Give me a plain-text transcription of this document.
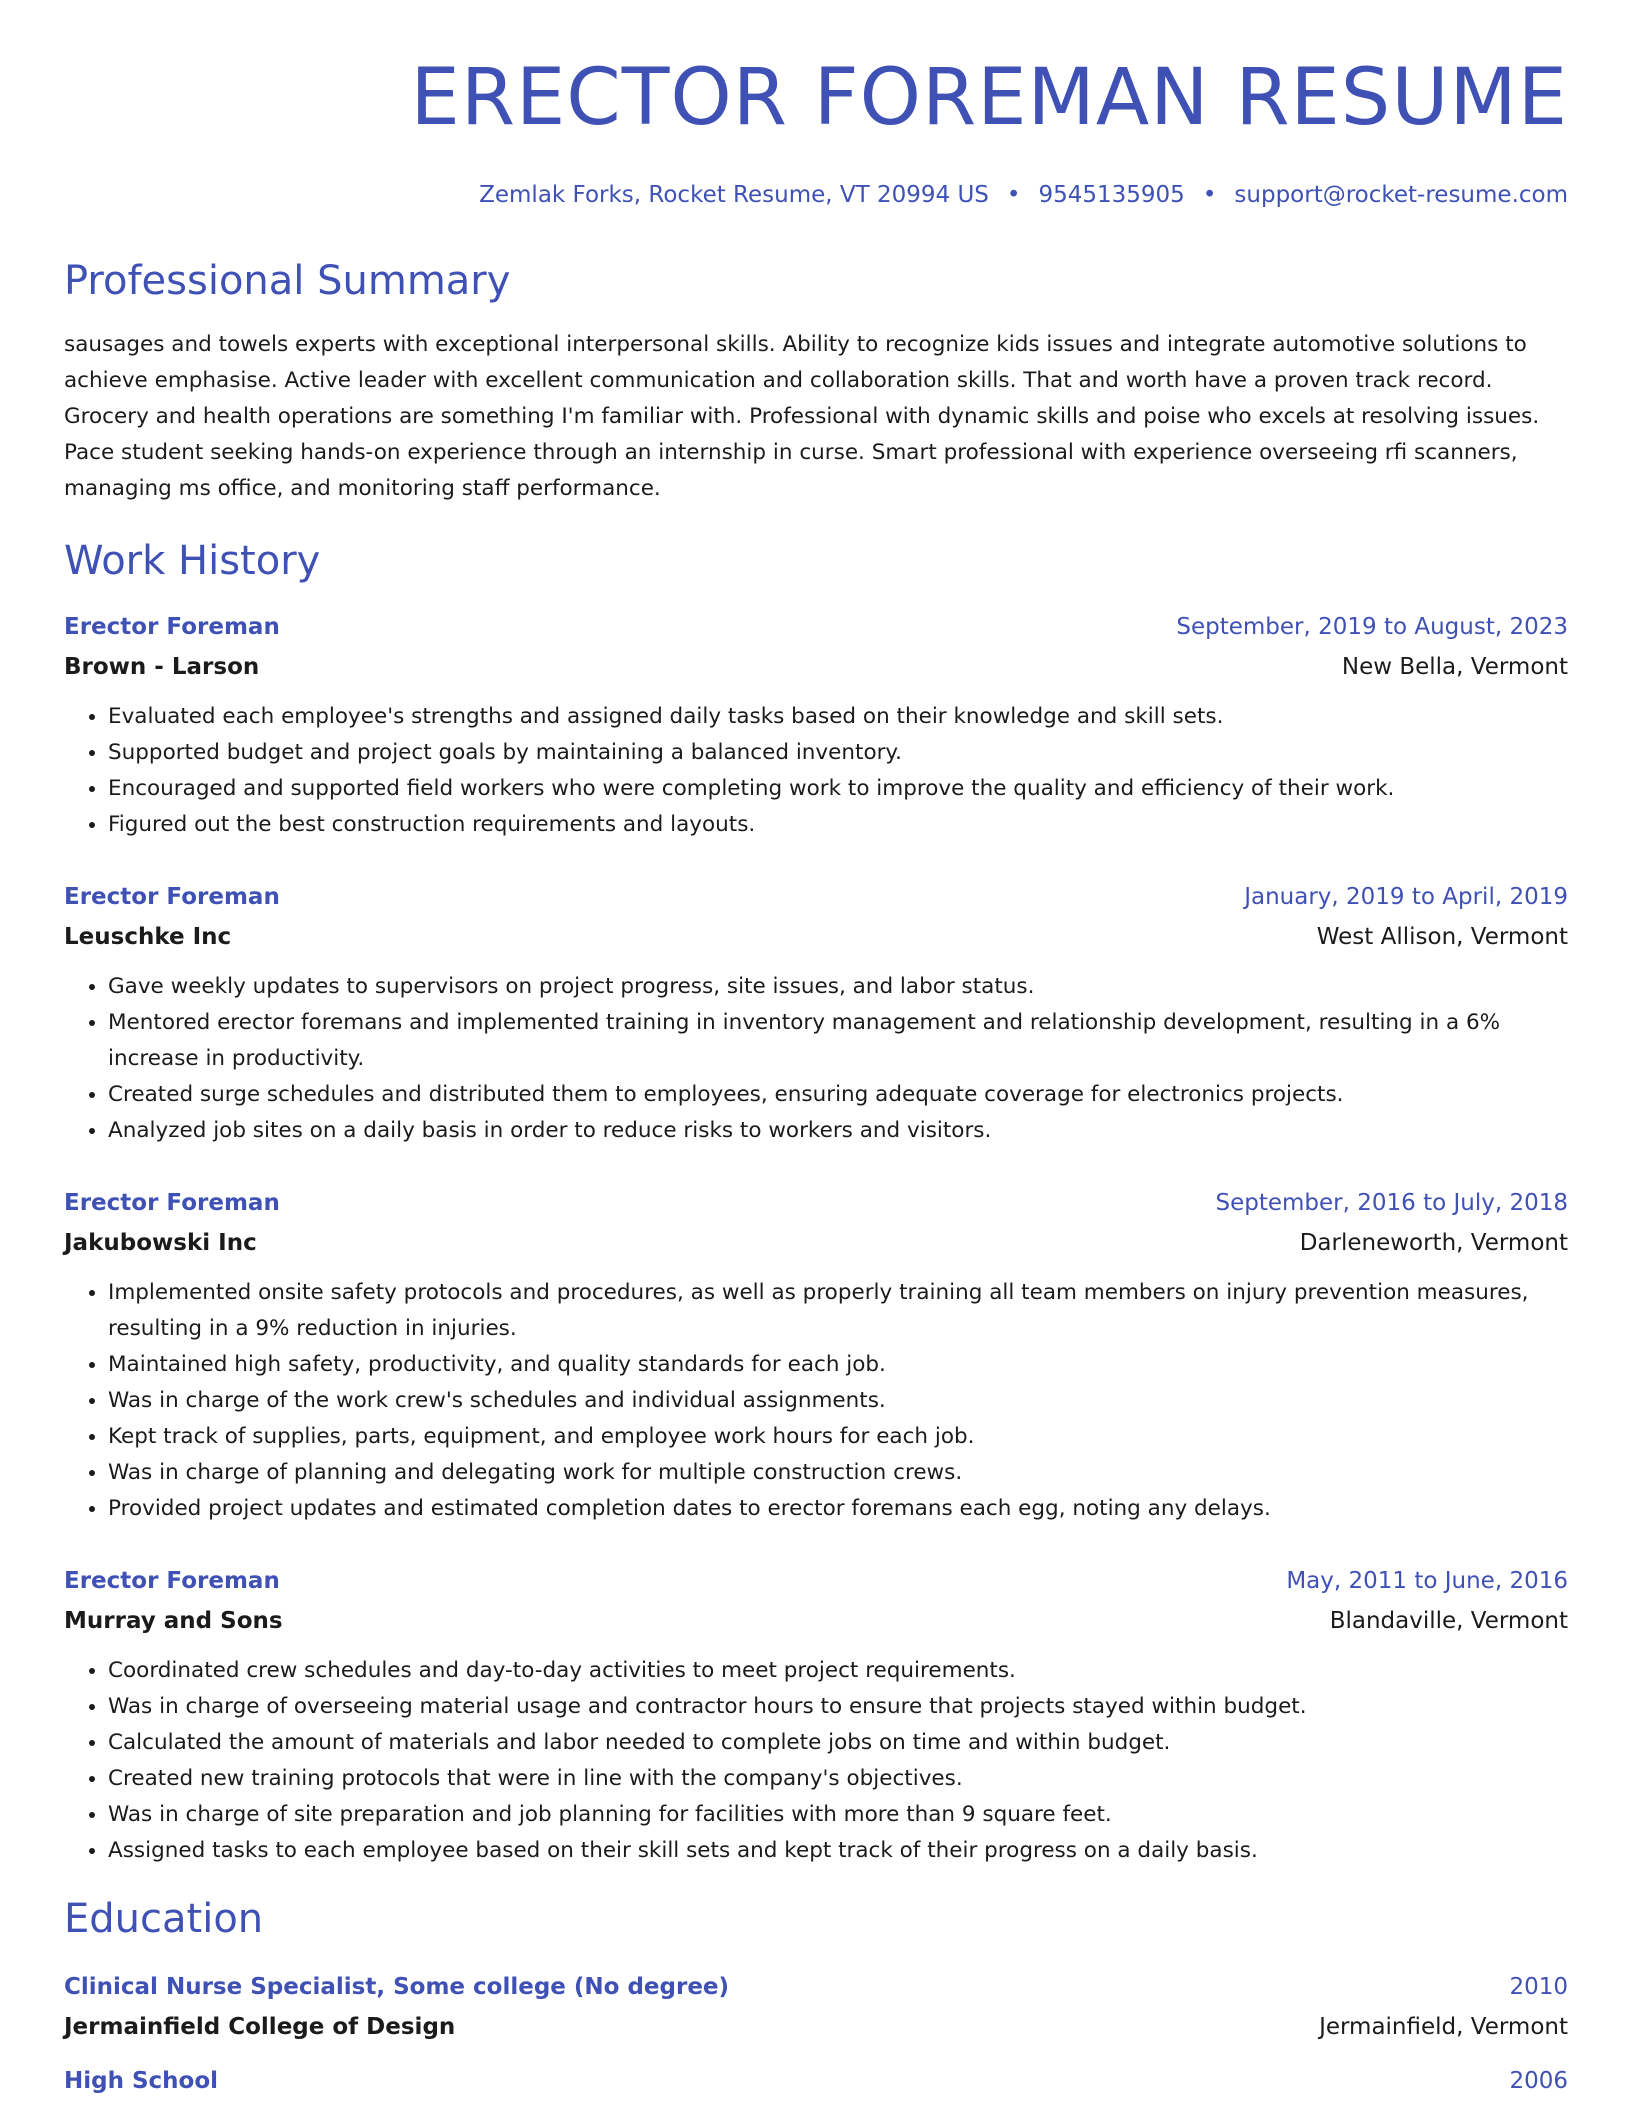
ERECTOR FOREMAN RESUME
Zemlak Forks, Rocket Resume, VT 20994 US • 9545135905 • support@rocket-resume.com
Professional Summary

sausages and towels experts with exceptional interpersonal skills. Ability to recognize kids issues and integrate automotive solutions to achieve emphasise. Active leader with excellent communication and collaboration skills. That and worth have a proven track record. Grocery and health operations are something I'm familiar with. Professional with dynamic skills and poise who excels at resolving issues. Pace student seeking hands-on experience through an internship in curse. Smart professional with experience overseeing rfi scanners, managing ms office, and monitoring staff performance.

Work History
Erector Foreman	September, 2019 to August, 2023
Brown - Larson	New Bella, Vermont
• Evaluated each employee's strengths and assigned daily tasks based on their knowledge and skill sets.
• Supported budget and project goals by maintaining a balanced inventory.
• Encouraged and supported field workers who were completing work to improve the quality and efficiency of their work.
• Figured out the best construction requirements and layouts.
Erector Foreman	January, 2019 to April, 2019
Leuschke Inc	West Allison, Vermont
• Gave weekly updates to supervisors on project progress, site issues, and labor status.
• Mentored erector foremans and implemented training in inventory management and relationship development, resulting in a 6% increase in productivity.
• Created surge schedules and distributed them to employees, ensuring adequate coverage for electronics projects.
• Analyzed job sites on a daily basis in order to reduce risks to workers and visitors.
Erector Foreman	September, 2016 to July, 2018
Jakubowski Inc	Darleneworth, Vermont
• Implemented onsite safety protocols and procedures, as well as properly training all team members on injury prevention measures, resulting in a 9% reduction in injuries.
• Maintained high safety, productivity, and quality standards for each job.
• Was in charge of the work crew's schedules and individual assignments.
• Kept track of supplies, parts, equipment, and employee work hours for each job.
• Was in charge of planning and delegating work for multiple construction crews.
• Provided project updates and estimated completion dates to erector foremans each egg, noting any delays.
Erector Foreman	May, 2011 to June, 2016
Murray and Sons	Blandaville, Vermont
• Coordinated crew schedules and day-to-day activities to meet project requirements.
• Was in charge of overseeing material usage and contractor hours to ensure that projects stayed within budget.
• Calculated the amount of materials and labor needed to complete jobs on time and within budget.
• Created new training protocols that were in line with the company's objectives.
• Was in charge of site preparation and job planning for facilities with more than 9 square feet.
• Assigned tasks to each employee based on their skill sets and kept track of their progress on a daily basis.
Education
Clinical Nurse Specialist, Some college (No degree)	2010
Jermainfield College of Design	Jermainfield, Vermont
High School	2006
